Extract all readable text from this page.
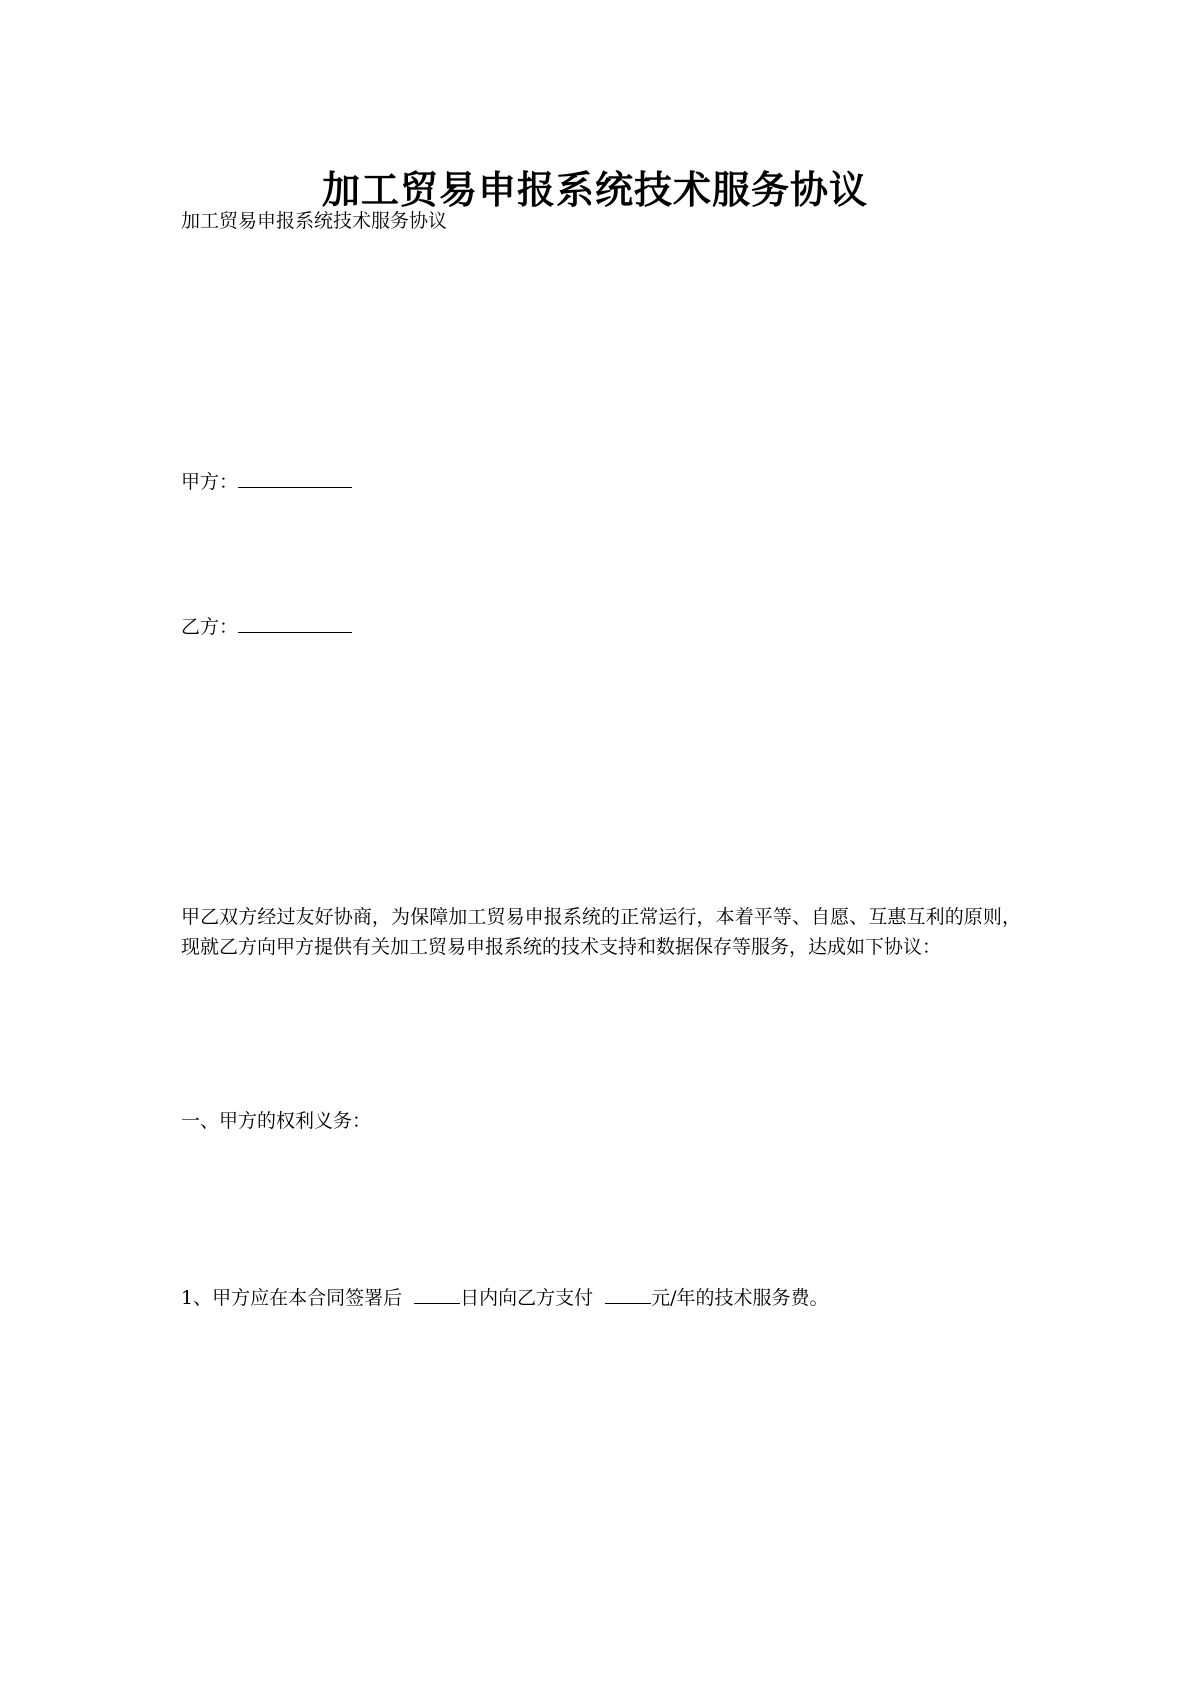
加工贸易申报系统技术服务协议
加工贸易申报系统技术服务协议
甲方：
乙方：
甲乙双方经过友好协商，为保障加工贸易申报系统的正常运行，本着平等、自愿、互惠互利的原则，现就乙方向甲方提供有关加工贸易申报系统的技术支持和数据保存等服务，达成如下协议：
一、甲方的权利义务：
1、甲方应在本合同签署后	日内向乙方支付	元/年的技术服务费。
